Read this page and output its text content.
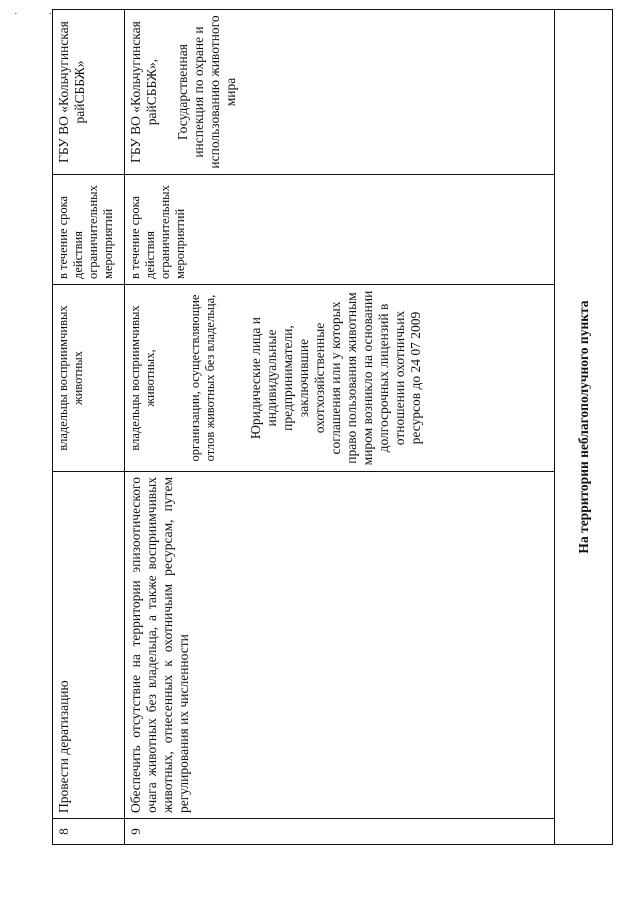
· ·
8	Провести дератизацию	владельцы восприимчивых животных	в течение срока действия ограничительных мероприятий	ГБУ ВО «Кольчугинская райСББЖ»
9	Обеспечить отсутствие на территории эпизоотического очага животных без владельца, а также восприимчивых животных, отнесенных к охотничьим ресурсам, путем регулирования их численности	владельцы восприимчивых животных, организации, осуществляющие отлов животных без владельца, Юридические лица и индивидуальные предприниматели, заключившие охотхозяйственные соглашения или у которых право пользования животным миром возникло на основании долгосрочных лицензий в отношении охотничьих ресурсов до 24 07 2009	в течение срока действия ограничительных мероприятий	ГБУ ВО «Кольчугинская райСББЖ», Государственная инспекция по охране и использованию животного мира

На территории неблагополучного пункта				
